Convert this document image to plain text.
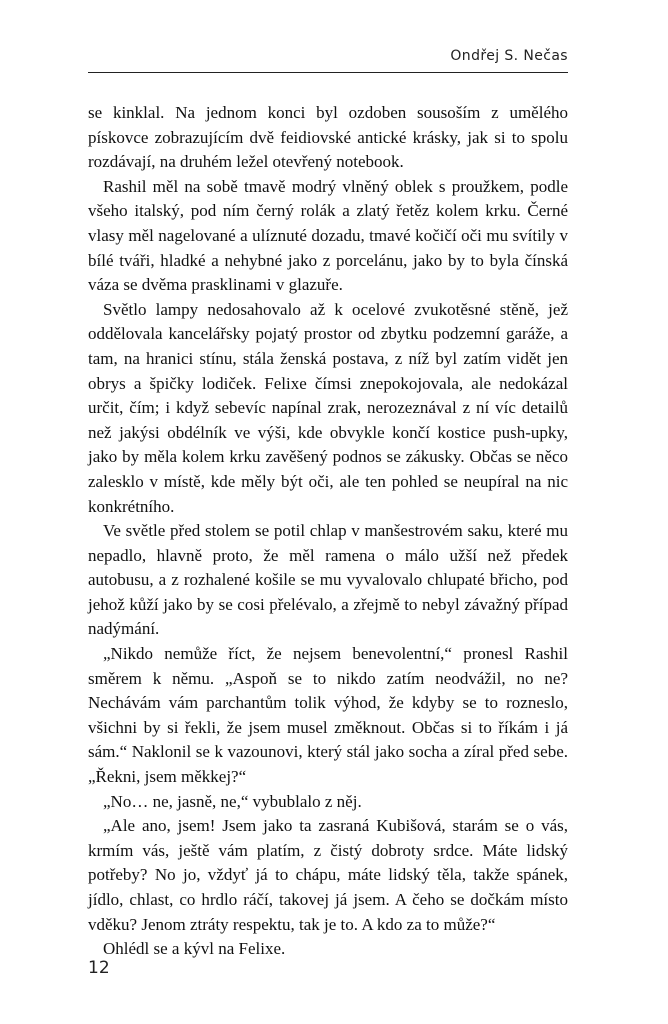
Ondřej S. Nečas

se kinklal. Na jednom konci byl ozdoben sousoším z umělého pískovce zobrazujícím dvě feidiovské antické krásky, jak si to spolu rozdávají, na druhém ležel otevřený notebook.

Rashil měl na sobě tmavě modrý vlněný oblek s proužkem, podle všeho italský, pod ním černý rolák a zlatý řetěz kolem krku. Černé vlasy měl nagelované a ulíznuté dozadu, tmavé kočičí oči mu svítily v bílé tváři, hladké a nehybné jako z porcelánu, jako by to byla čínská váza se dvěma prasklinami v glazuře.

Světlo lampy nedosahovalo až k ocelové zvukotěsné stěně, jež oddělovala kancelářsky pojatý prostor od zbytku podzemní garáže, a tam, na hranici stínu, stála ženská postava, z níž byl zatím vidět jen obrys a špičky lodiček. Felixe čímsi znepokojovala, ale nedokázal určit, čím; i když sebevíc napínal zrak, nerozeznával z ní víc detailů než jakýsi obdélník ve výši, kde obvykle končí kostice push-upky, jako by měla kolem krku zavěšený podnos se zákusky. Občas se něco zalesklo v místě, kde měly být oči, ale ten pohled se neupíral na nic konkrétního.

Ve světle před stolem se potil chlap v manšestrovém saku, které mu nepadlo, hlavně proto, že měl ramena o málo užší než předek autobusu, a z rozhalené košile se mu vyvalovalo chlupaté břicho, pod jehož kůží jako by se cosi přelévalo, a zřejmě to nebyl závažný případ nadýmání.

„Nikdo nemůže říct, že nejsem benevolentní,“ pronesl Rashil směrem k němu. „Aspoň se to nikdo zatím neodvážil, no ne? Nechávám vám parchantům tolik výhod, že kdyby se to rozneslo, všichni by si řekli, že jsem musel změknout. Občas si to říkám i já sám.“ Naklonil se k vazounovi, který stál jako socha a zíral před sebe. „Řekni, jsem měkkej?“

„No… ne, jasně, ne,“ vybublalo z něj.

„Ale ano, jsem! Jsem jako ta zasraná Kubišová, starám se o vás, krmím vás, ještě vám platím, z čistý dobroty srdce. Máte lidský potřeby? No jo, vždyť já to chápu, máte lidský těla, takže spánek, jídlo, chlast, co hrdlo ráčí, takovej já jsem. A čeho se dočkám místo vděku? Jenom ztráty respektu, tak je to. A kdo za to může?“

Ohlédl se a kývl na Felixe.

12
